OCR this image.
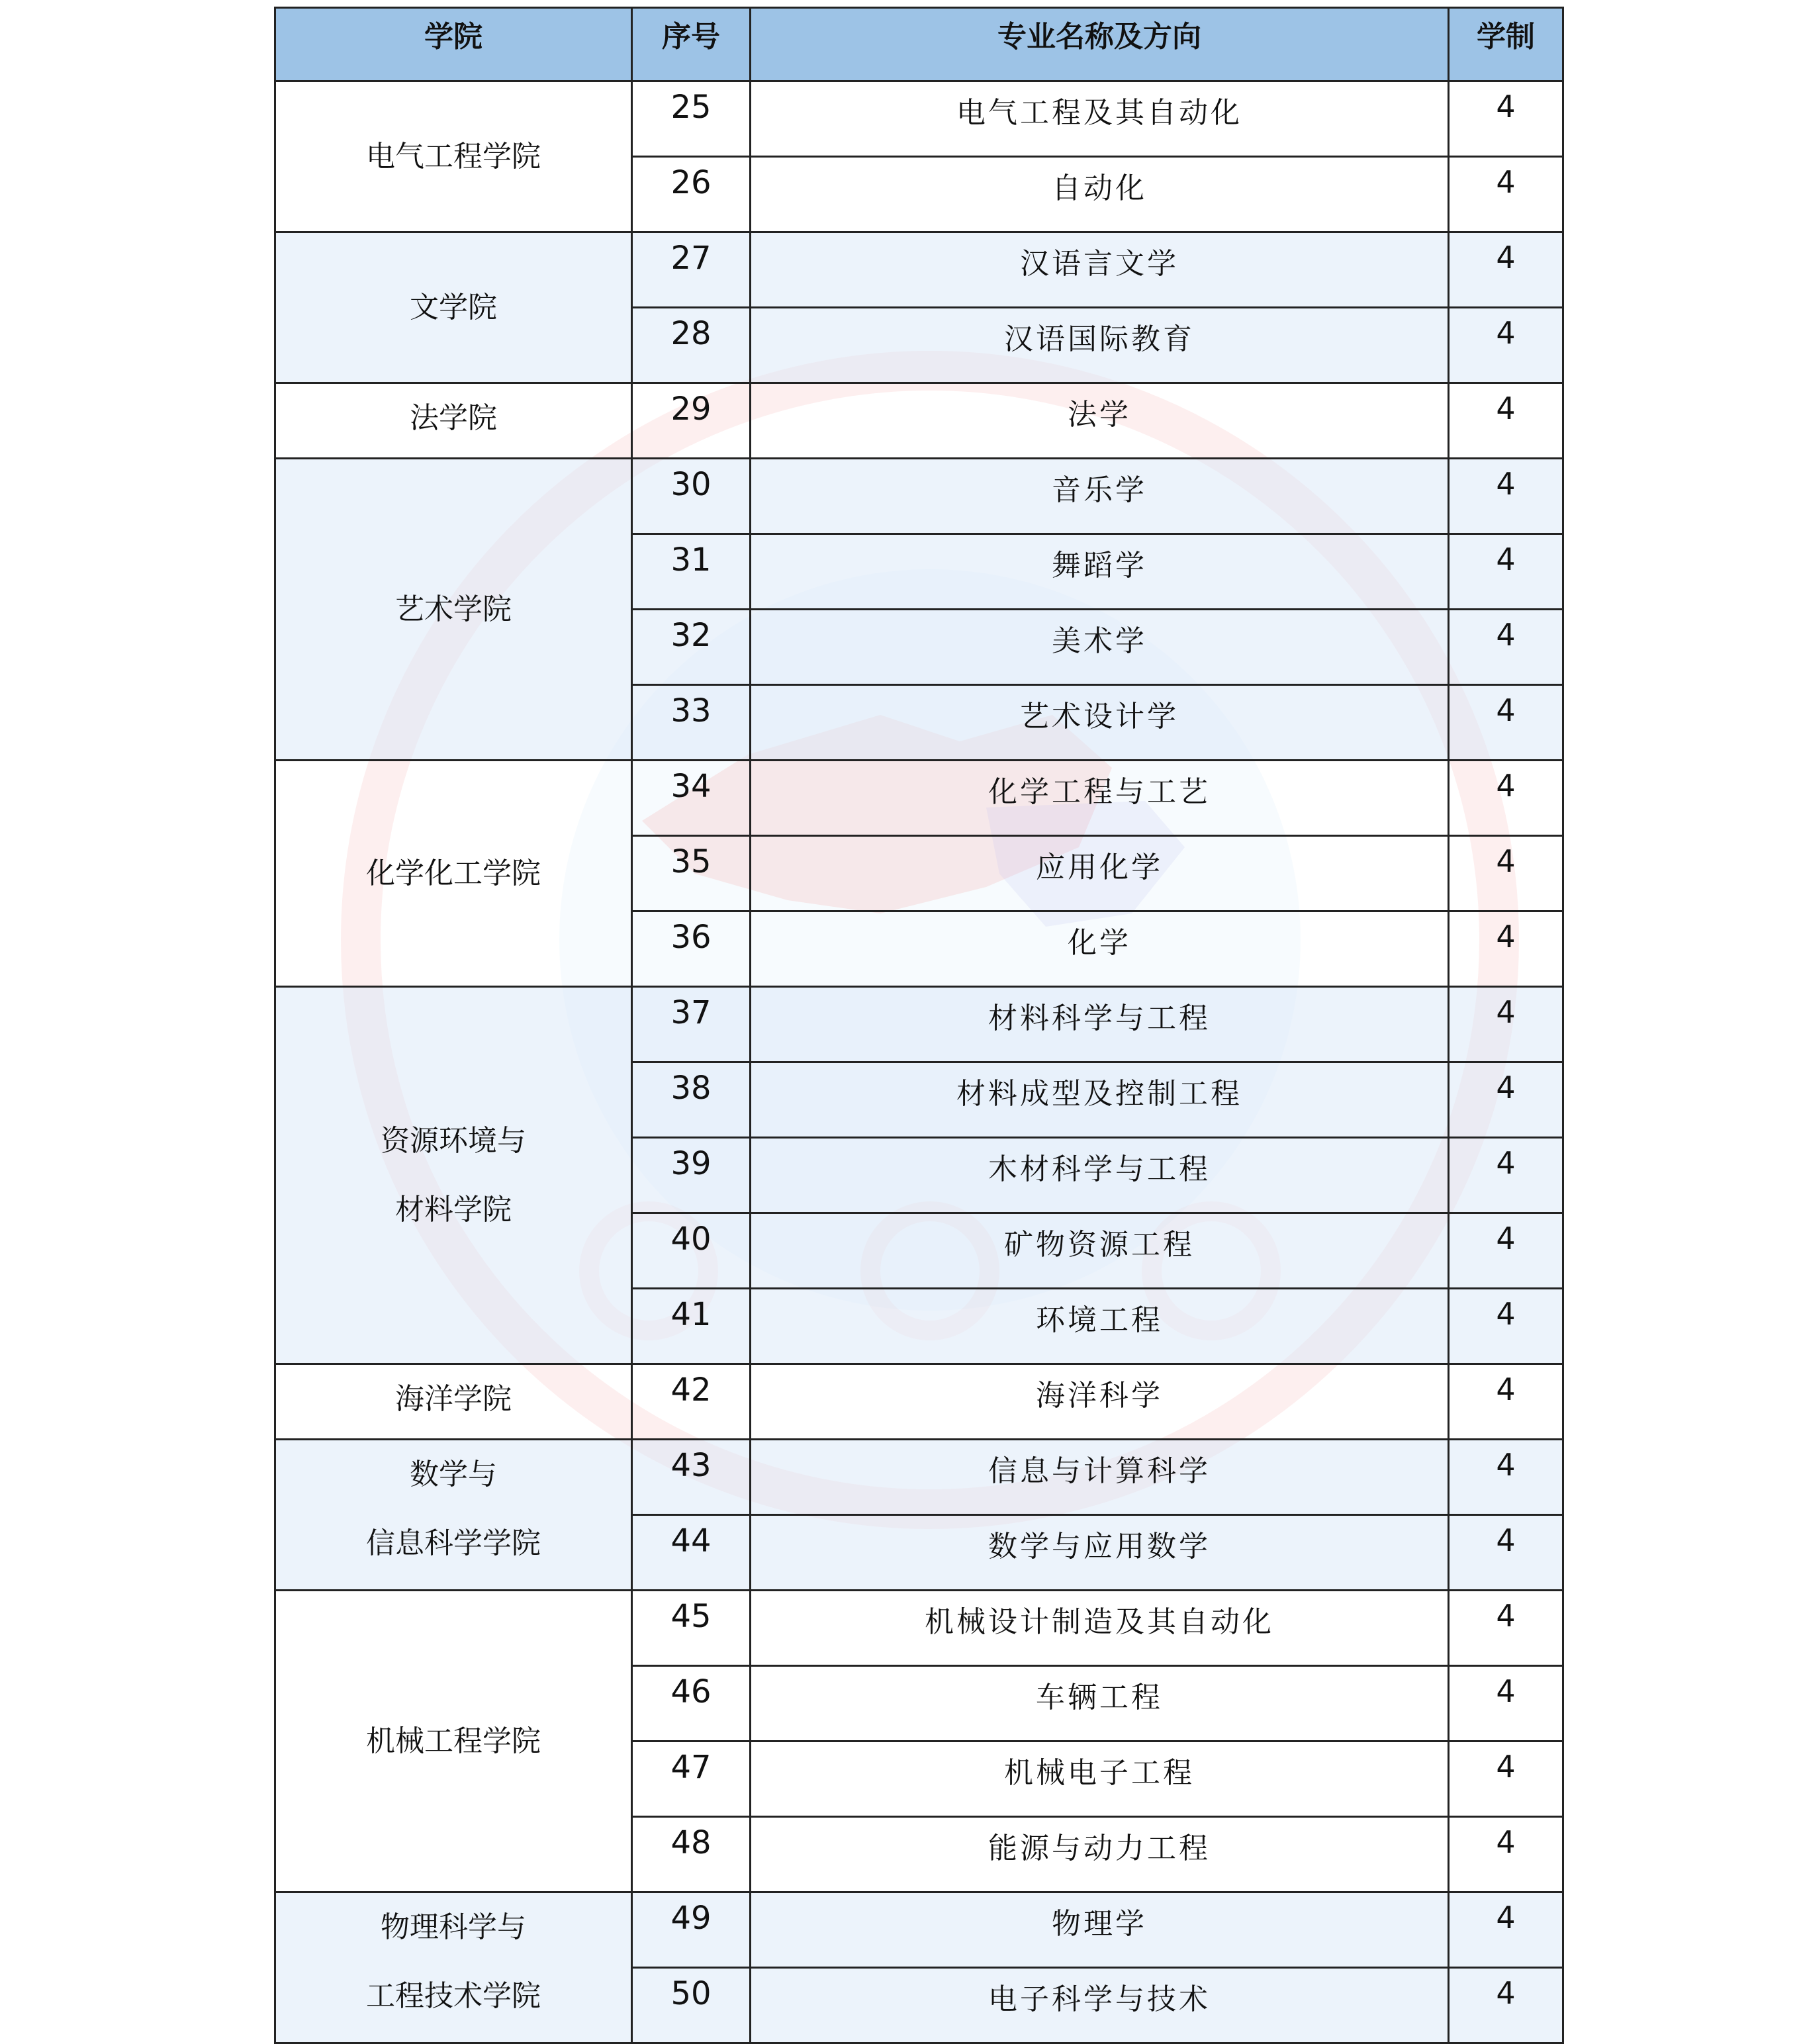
学院	序号	专业名称及方向	学制

电气工程学院	25	电气工程及其自动化	4
	26	自动化	4

文学院	27	汉语言文学	4
	28	汉语国际教育	4

法学院	29	法学	4

艺术学院	30	音乐学	4
	31	舞蹈学	4
	32	美术学	4
	33	艺术设计学	4

化学化工学院	34	化学工程与工艺	4
	35	应用化学	4
	36	化学	4

资源环境与
材料学院	37	材料科学与工程	4
	38	材料成型及控制工程	4
	39	木材科学与工程	4
	40	矿物资源工程	4
	41	环境工程	4

海洋学院	42	海洋科学	4

数学与
信息科学学院	43	信息与计算科学	4
	44	数学与应用数学	4

机械工程学院	45	机械设计制造及其自动化	4
	46	车辆工程	4
	47	机械电子工程	4
	48	能源与动力工程	4

物理科学与
工程技术学院	49	物理学	4
	50	电子科学与技术	4
